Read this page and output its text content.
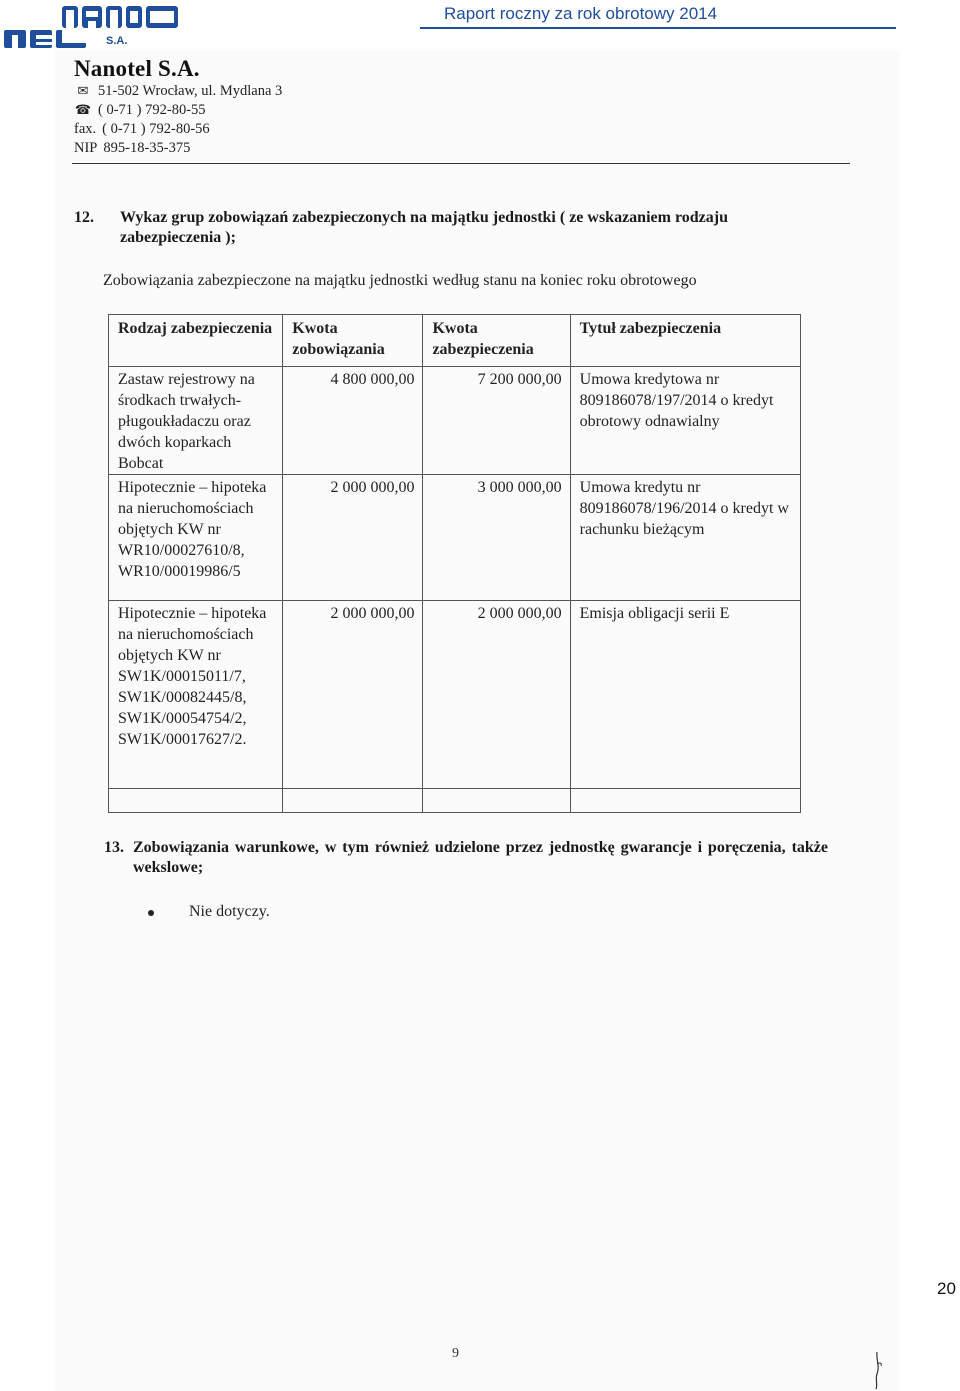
S.A.
Raport roczny za rok obrotowy 2014
Nanotel S.A.
✉ 51-502 Wrocław, ul. Mydlana 3
☎ ( 0-71 ) 792-80-55
fax. ( 0-71 ) 792-80-56
NIP 895-18-35-375
12. Wykaz grup zobowiązań zabezpieczonych na majątku jednostki ( ze wskazaniem rodzaju zabezpieczenia );
Zobowiązania zabezpieczone na majątku jednostki według stanu na koniec roku obrotowego
Rodzaj zabezpieczenia	Kwota zobowiązania	Kwota zabezpieczenia	Tytuł zabezpieczenia
Zastaw rejestrowy na środkach trwałych-pługoukładaczu oraz dwóch koparkach Bobcat	4 800 000,00	7 200 000,00	Umowa kredytowa nr 809186078/197/2014 o kredyt obrotowy odnawialny
Hipotecznie – hipoteka na nieruchomościach objętych KW nr WR10/00027610/8, WR10/00019986/5	2 000 000,00	3 000 000,00	Umowa kredytu nr 809186078/196/2014 o kredyt w rachunku bieżącym
Hipotecznie – hipoteka na nieruchomościach objętych KW nr SW1K/00015011/7, SW1K/00082445/8, SW1K/00054754/2, SW1K/00017627/2.	2 000 000,00	2 000 000,00	Emisja obligacji serii E

13. Zobowiązania warunkowe, w tym również udzielone przez jednostkę gwarancje i poręczenia, także wekslowe;
Nie dotyczy.
9
20
